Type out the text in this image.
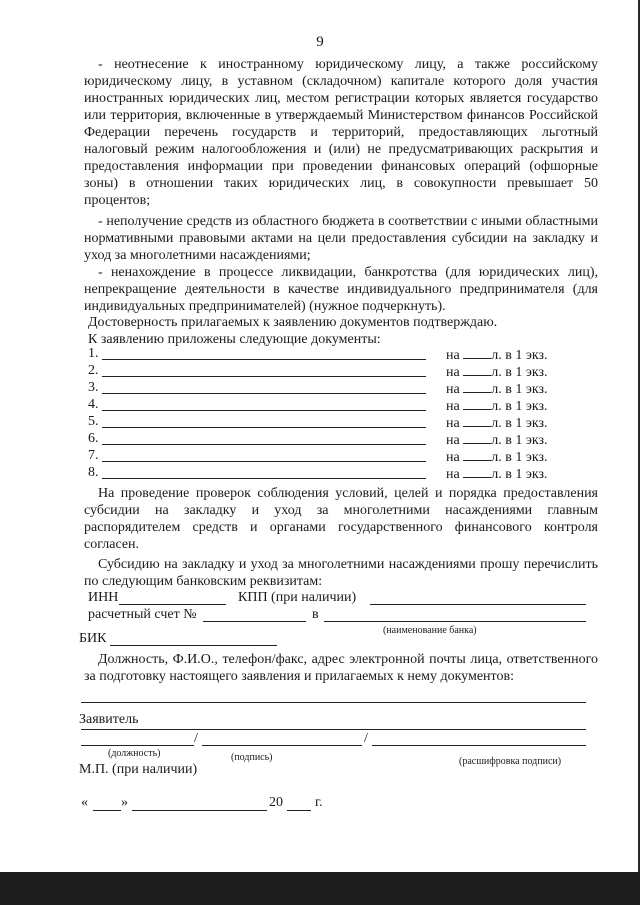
9
- неотнесение к иностранному юридическому лицу, а также российскому юридическому лицу, в уставном (складочном) капитале которого доля участия иностранных юридических лиц, местом регистрации которых является государство или территория, включенные в утверждаемый Министерством финансов Российской Федерации перечень государств и территорий, предоставляющих льготный налоговый режим налогообложения и (или) не предусматривающих раскрытия и предоставления информации при проведении финансовых операций (офшорные зоны) в отношении таких юридических лиц, в совокупности превышает 50 процентов;
- неполучение средств из областного бюджета в соответствии с иными областными нормативными правовыми актами на цели предоставления субсидии на закладку и уход за многолетними насаждениями;
- ненахождение в процессе ликвидации, банкротства (для юридических лиц), непрекращение деятельности в качестве индивидуального предпринимателя (для индивидуальных предпринимателей) (нужное подчеркнуть).
Достоверность прилагаемых к заявлению документов подтверждаю.
К заявлению приложены следующие документы:
1.	на л. в 1 экз.
2.	на л. в 1 экз.
3.	на л. в 1 экз.
4.	на л. в 1 экз.
5.	на л. в 1 экз.
6.	на л. в 1 экз.
7.	на л. в 1 экз.
8.	на л. в 1 экз.
На проведение проверок соблюдения условий, целей и порядка предоставления субсидии на закладку и уход за многолетними насаждениями главным распорядителем средств и органами государственного финансового контроля согласен.
Субсидию на закладку и уход за многолетними насаждениями прошу перечислить по следующим банковским реквизитам:
ИНН	КПП (при наличии)
расчетный счет №	в
(наименование банка)
БИК
Должность, Ф.И.О., телефон/факс, адрес электронной почты лица, ответственного за подготовку настоящего заявления и прилагаемых к нему документов:
Заявитель
/	/
(должность)	(подпись)	(расшифровка подписи)
М.П. (при наличии)
« »	20 г.
